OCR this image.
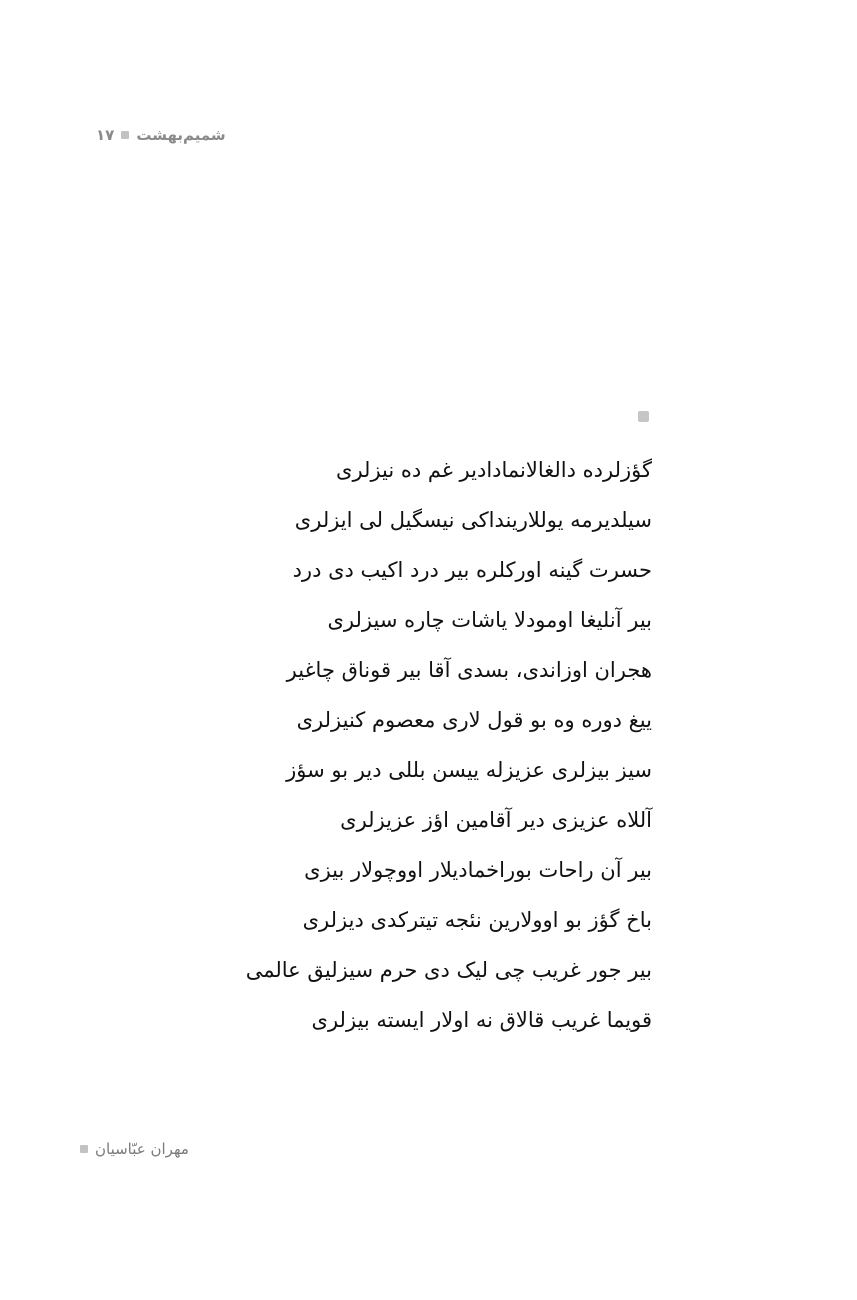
۱۷ شمیم‌بهشت
گؤزلرده دالغالانمادادیر غم ده نیزلری
سیلدیرمه یوللاریندا‌کی نیسگیل لی ایزلری
حسرت گینه اورکلره بیر درد اکیب دی درد
بیر آنلیغا اومودلا یاشات چاره سیزلری
هجران اوزاندی، بسدی آقا بیر قوناق چاغیر
ییغ دوره وه بو قول لاری معصوم کنیزلری
سیز بیزلری عزیزله ییسن بللی دیر بو سؤز
آللاه عزیزی دیر آقامین اؤز عزیزلری
بیر آن راحات بوراخمادیلار اووچولار بیزی
باخ گؤز بو اوولارین نئجه تیترکدی دیزلری
بیر جور غریب چی لیک دی حرم سیزلیق عالمی
قویما غریب قالاق نه اولار ایسته بیزلری
مهران عبّاسیان
